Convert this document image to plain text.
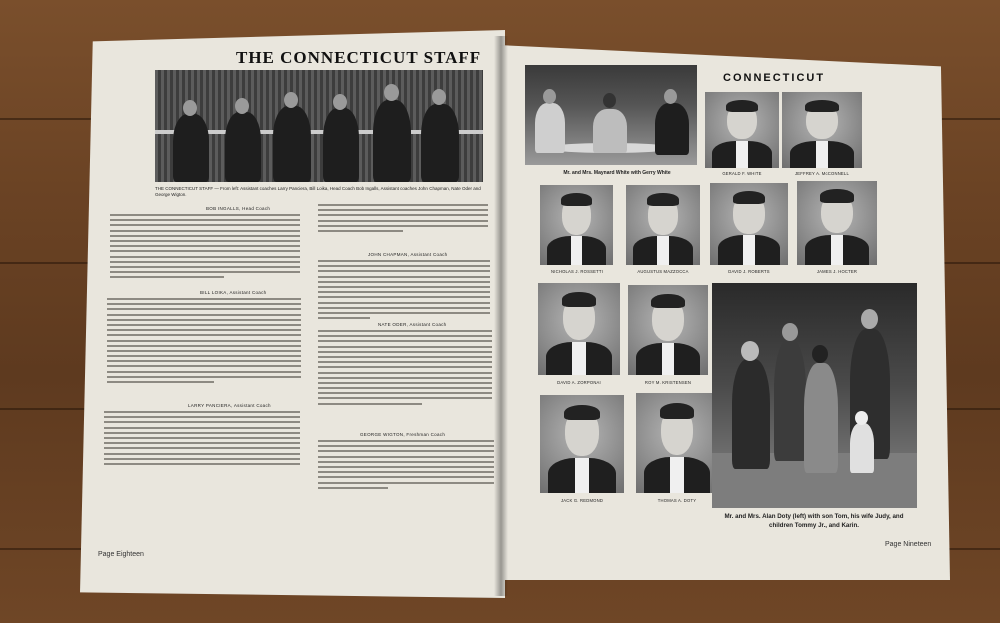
THE CONNECTICUT STAFF
THE CONNECTICUT STAFF — From left: Assistant coaches Larry Panciera, Bill Loika, Head Coach Bob Ingalls, Assistant coaches John Chapman, Nate Oder and George Wigton.
BOB INGALLS, Head Coach
BILL LOIKA, Assistant Coach
LARRY PANCIERA, Assistant Coach
JOHN CHAPMAN, Assistant Coach
NATE ODER, Assistant Coach
GEORGE WIGTON, Freshman Coach
Page Eighteen
Mr. and Mrs. Maynard White with Gerry White
CONNECTICUT
GERALD F. WHITE	JEFFREY A. McCONNELL
NICHOLAS J. ROSSETTI	AUGUSTUS MAZZOCCA	DAVID J. ROBERTS	JAMES J. HOCTER
DAVID A. ZORPONAI	ROY M. KRISTENSEN
JACK G. REDMOND	THOMAS A. DOTY
Mr. and Mrs. Alan Doty (left) with son Tom, his wife Judy, and children Tommy Jr., and Karin.
Page Nineteen
